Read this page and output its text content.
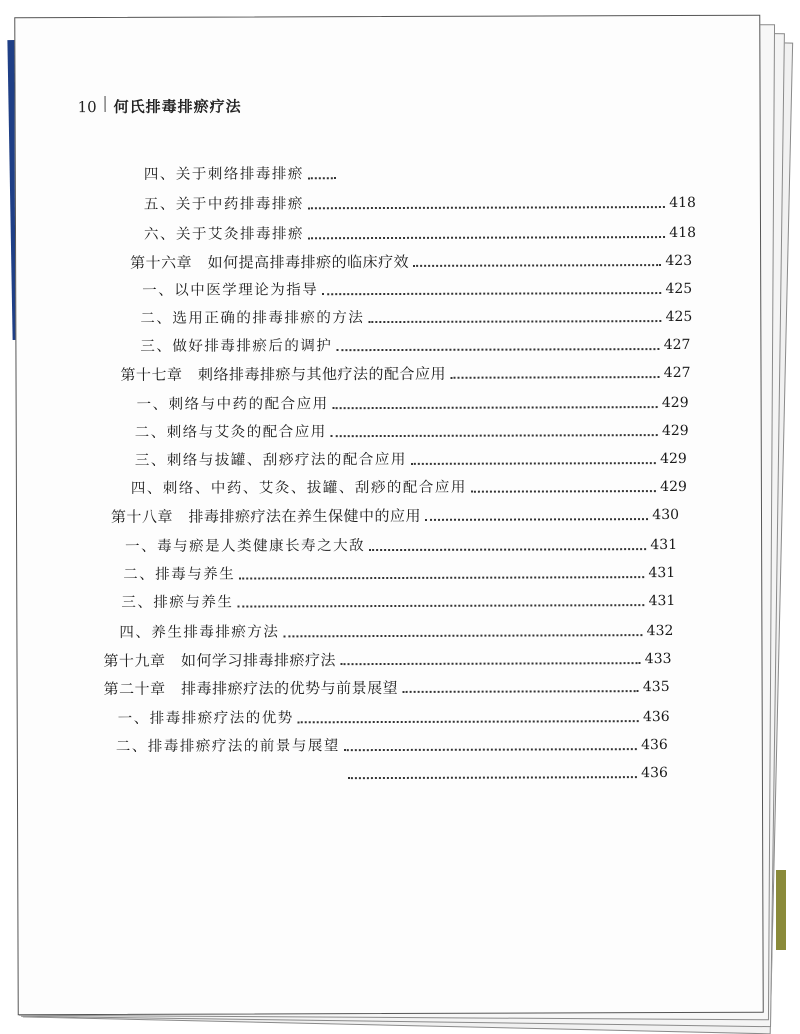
10 何氏排毒排瘀疗法
四、关于刺络排毒排瘀
五、关于中药排毒排瘀	418
六、关于艾灸排毒排瘀	418
第十六章　如何提高排毒排瘀的临床疗效	423
一、以中医学理论为指导	425
二、选用正确的排毒排瘀的方法	425
三、做好排毒排瘀后的调护	427
第十七章　刺络排毒排瘀与其他疗法的配合应用	427
一、刺络与中药的配合应用	429
二、刺络与艾灸的配合应用	429
三、刺络与拔罐、刮痧疗法的配合应用	429
四、刺络、中药、艾灸、拔罐、刮痧的配合应用	429
第十八章　排毒排瘀疗法在养生保健中的应用	430
一、毒与瘀是人类健康长寿之大敌	431
二、排毒与养生	431
三、排瘀与养生	431
四、养生排毒排瘀方法	432
第十九章　如何学习排毒排瘀疗法	433
第二十章　排毒排瘀疗法的优势与前景展望	435
一、排毒排瘀疗法的优势	436
二、排毒排瘀疗法的前景与展望	436
436
